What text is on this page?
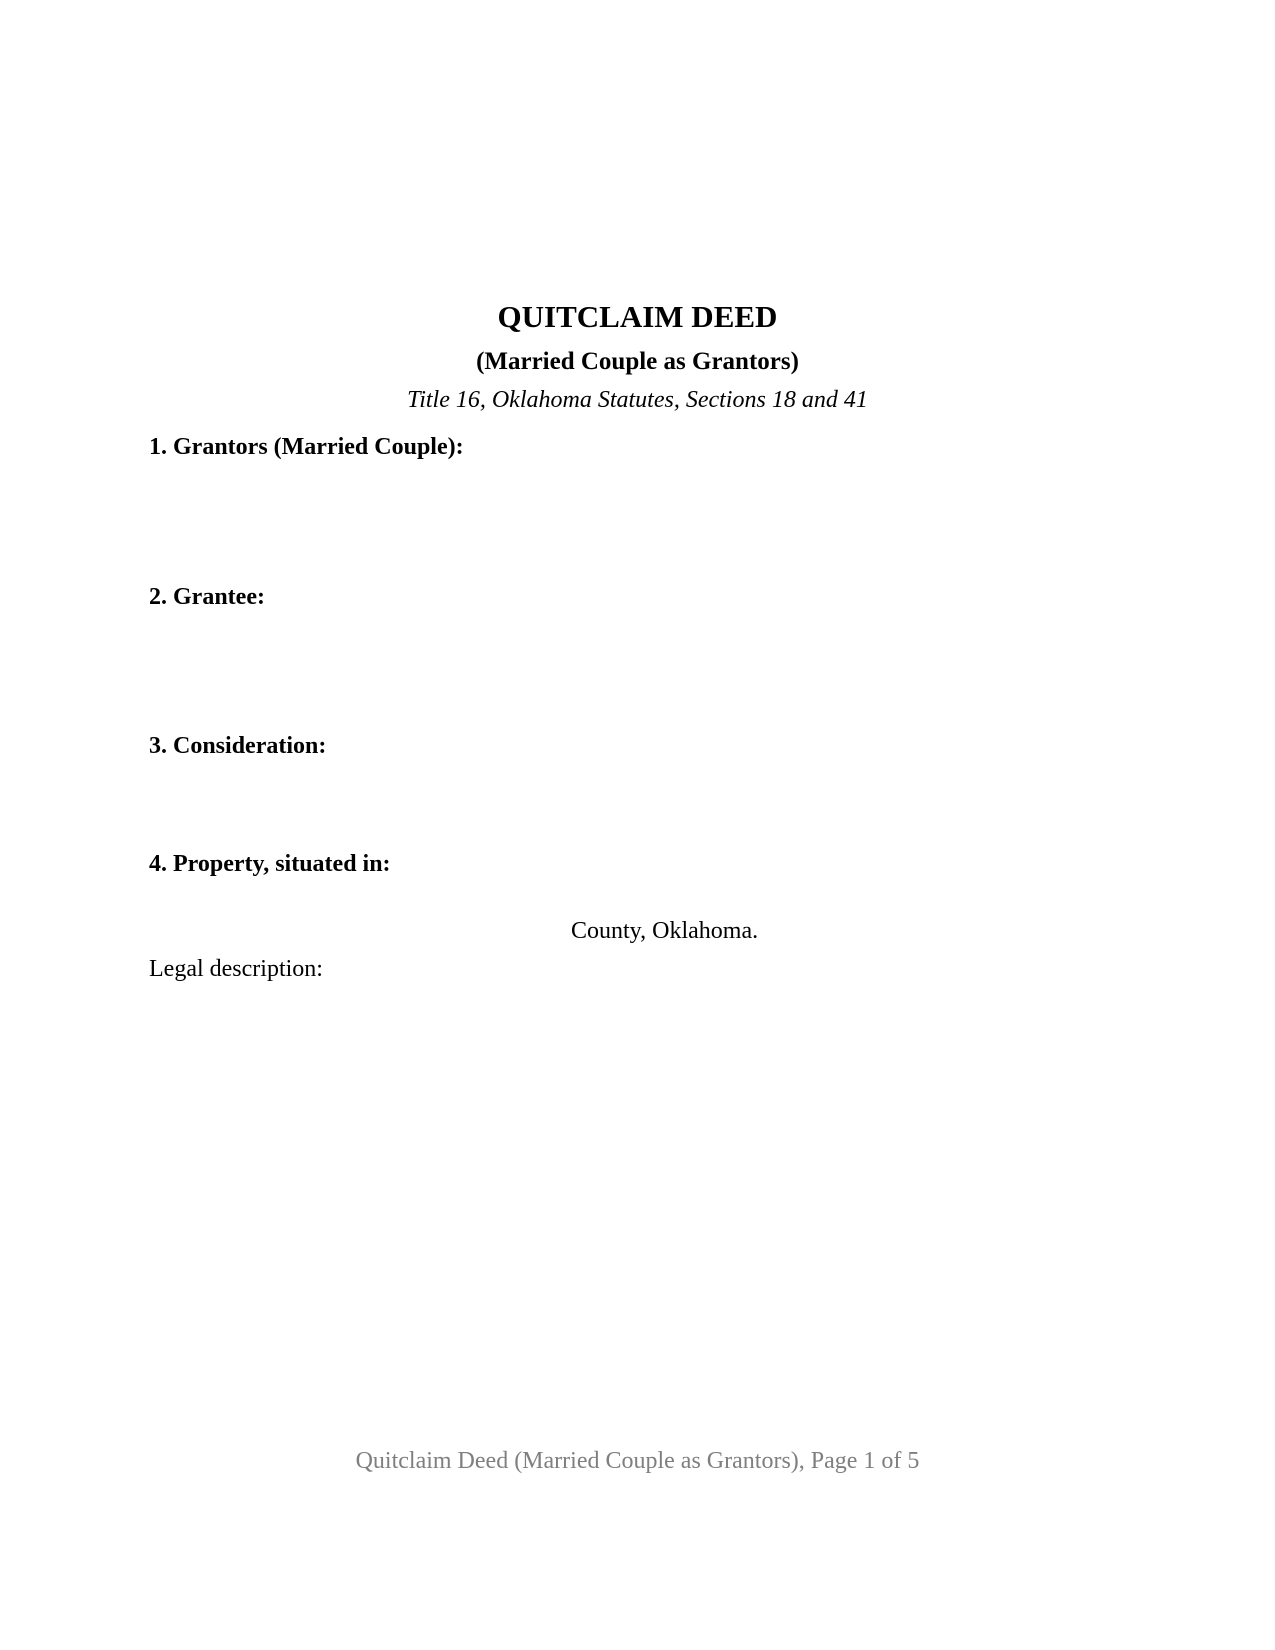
QUITCLAIM DEED
(Married Couple as Grantors)
Title 16, Oklahoma Statutes, Sections 18 and 41
1. Grantors (Married Couple):
2. Grantee:
3. Consideration:
4. Property, situated in:
County, Oklahoma.
Legal description:
Quitclaim Deed (Married Couple as Grantors), Page 1 of 5
